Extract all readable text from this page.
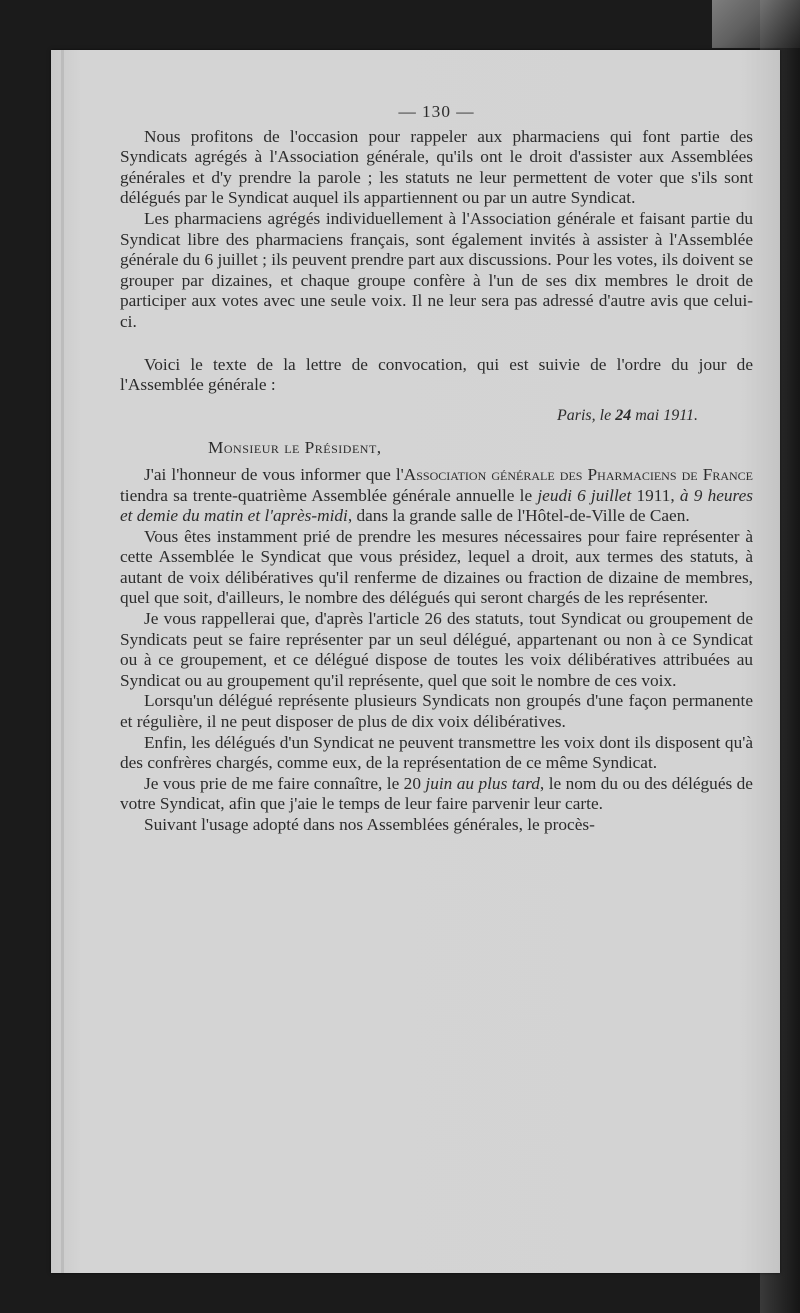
— 130 —

Nous profitons de l'occasion pour rappeler aux pharmaciens qui font partie des Syndicats agrégés à l'Association générale, qu'ils ont le droit d'assister aux Assemblées générales et d'y prendre la parole ; les statuts ne leur permettent de voter que s'ils sont délégués par le Syndicat auquel ils appartiennent ou par un autre Syndicat.

Les pharmaciens agrégés individuellement à l'Association générale et faisant partie du Syndicat libre des pharmaciens français, sont également invités à assister à l'Assemblée générale du 6 juillet ; ils peuvent prendre part aux discussions. Pour les votes, ils doivent se grouper par dizaines, et chaque groupe confère à l'un de ses dix membres le droit de participer aux votes avec une seule voix. Il ne leur sera pas adressé d'autre avis que celui-ci.

Voici le texte de la lettre de convocation, qui est suivie de l'ordre du jour de l'Assemblée générale :

Paris, le 24 mai 1911.
Monsieur le Président,

J'ai l'honneur de vous informer que l'Association générale des Pharmaciens de France tiendra sa trente-quatrième Assemblée générale annuelle le jeudi 6 juillet 1911, à 9 heures et demie du matin et l'après-midi, dans la grande salle de l'Hôtel-de-Ville de Caen.

Vous êtes instamment prié de prendre les mesures nécessaires pour faire représenter à cette Assemblée le Syndicat que vous présidez, lequel a droit, aux termes des statuts, à autant de voix délibératives qu'il renferme de dizaines ou fraction de dizaine de membres, quel que soit, d'ailleurs, le nombre des délégués qui seront chargés de les représenter.

Je vous rappellerai que, d'après l'article 26 des statuts, tout Syndicat ou groupement de Syndicats peut se faire représenter par un seul délégué, appartenant ou non à ce Syndicat ou à ce groupement, et ce délégué dispose de toutes les voix délibératives attribuées au Syndicat ou au groupement qu'il représente, quel que soit le nombre de ces voix.

Lorsqu'un délégué représente plusieurs Syndicats non groupés d'une façon permanente et régulière, il ne peut disposer de plus de dix voix délibératives.

Enfin, les délégués d'un Syndicat ne peuvent transmettre les voix dont ils disposent qu'à des confrères chargés, comme eux, de la représentation de ce même Syndicat.

Je vous prie de me faire connaître, le 20 juin au plus tard, le nom du ou des délégués de votre Syndicat, afin que j'aie le temps de leur faire parvenir leur carte.

Suivant l'usage adopté dans nos Assemblées générales, le procès-
